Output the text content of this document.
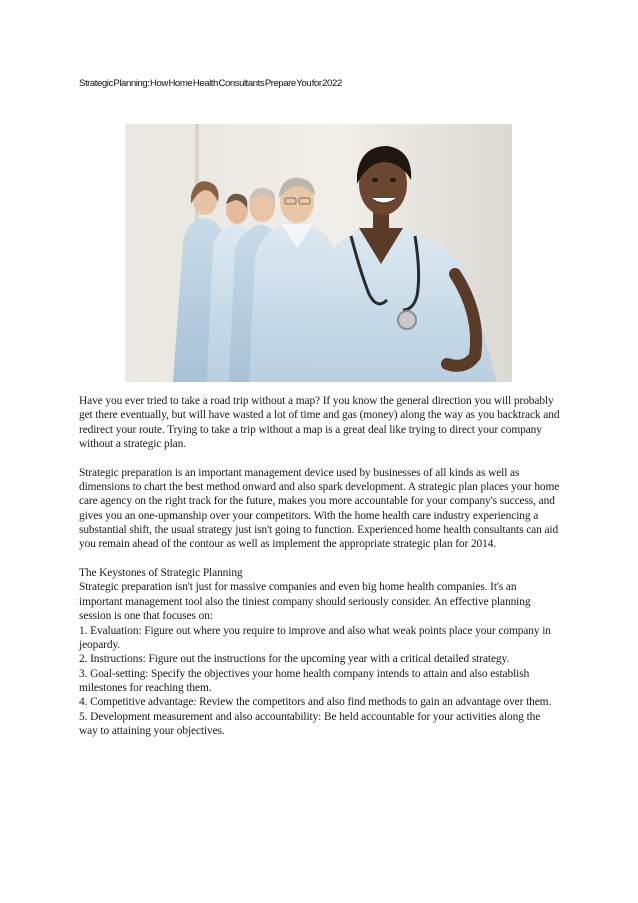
Strategic Planning: How Home Health Consultants Prepare You for 2022

Have you ever tried to take a road trip without a map? If you know the general direction you will probably get there eventually, but will have wasted a lot of time and gas (money) along the way as you backtrack and redirect your route. Trying to take a trip without a map is a great deal like trying to direct your company without a strategic plan.

Strategic preparation is an important management device used by businesses of all kinds as well as dimensions to chart the best method onward and also spark development. A strategic plan places your home care agency on the right track for the future, makes you more accountable for your company's success, and gives you an one-upmanship over your competitors. With the home health care industry experiencing a substantial shift, the usual strategy just isn't going to function. Experienced home health consultants can aid you remain ahead of the contour as well as implement the appropriate strategic plan for 2014.

The Keystones of Strategic Planning

Strategic preparation isn't just for massive companies and even big home health companies. It's an important management tool also the tiniest company should seriously consider. An effective planning session is one that focuses on:

1. Evaluation: Figure out where you require to improve and also what weak points place your company in jeopardy.

2. Instructions: Figure out the instructions for the upcoming year with a critical detailed strategy.

3. Goal-setting: Specify the objectives your home health company intends to attain and also establish milestones for reaching them.

4. Competitive advantage: Review the competitors and also find methods to gain an advantage over them.

5. Development measurement and also accountability: Be held accountable for your activities along the way to attaining your objectives.
